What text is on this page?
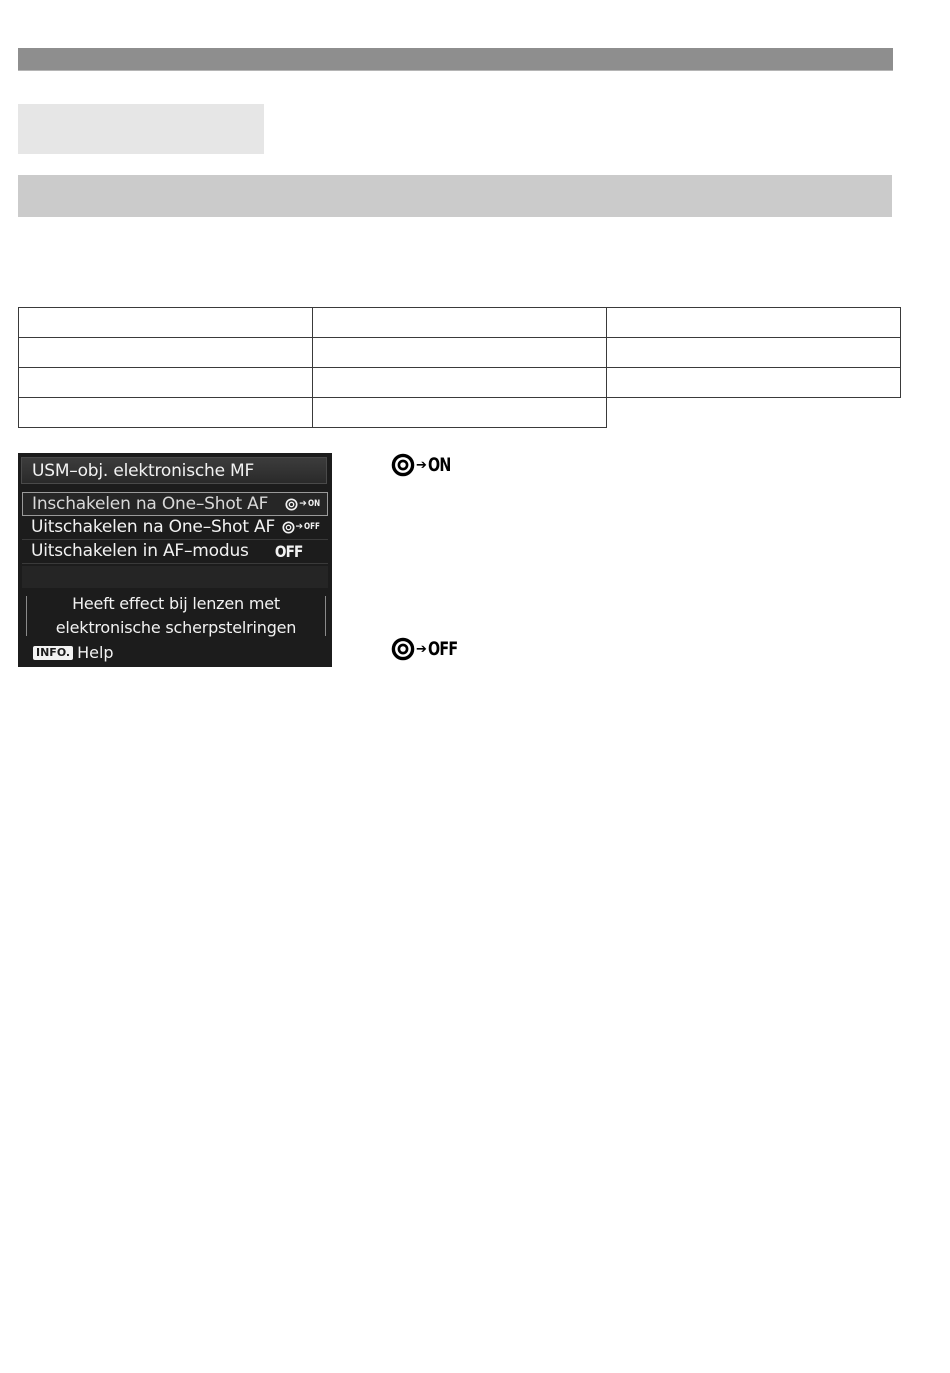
USM–obj. elektronische MF
Inschakelen na One–Shot AF	➔ ON
Uitschakelen na One–Shot AF ➔ OFF
Uitschakelen in AF–modus OFF
Heeft effect bij lenzen met
elektronische scherpstelringen
INFO. Help
➔ ON
➔ OFF
